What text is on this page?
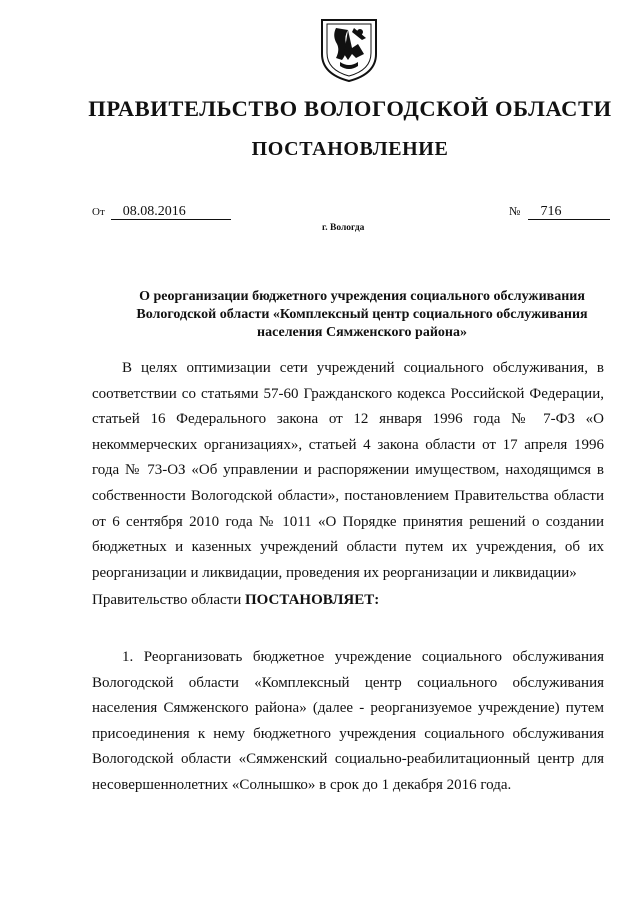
ПРАВИТЕЛЬСТВО ВОЛОГОДСКОЙ ОБЛАСТИ
ПОСТАНОВЛЕНИЕ
От 08.08.2016	№ 716
г. Вологда
О реорганизации бюджетного учреждения социального обслуживания Вологодской области «Комплексный центр социального обслуживания населения Сямженского района»

В целях оптимизации сети учреждений социального обслуживания, в соответствии со статьями 57-60 Гражданского кодекса Российской Федерации, статьей 16 Федерального закона от 12 января 1996 года № 7-ФЗ «О некоммерческих организациях», статьей 4 закона области от 17 апреля 1996 года № 73-ОЗ «Об управлении и распоряжении имуществом, находящимся в собственности Вологодской области», постановлением Правительства области от 6 сентября 2010 года № 1011 «О Порядке принятия решений о создании бюджетных и казенных учреждений области путем их учреждения, об их реорганизации и ликвидации, проведения их реорганизации и ликвидации»

Правительство области ПОСТАНОВЛЯЕТ:

1. Реорганизовать бюджетное учреждение социального обслуживания Вологодской области «Комплексный центр социального обслуживания населения Сямженского района» (далее - реорганизуемое учреждение) путем присоединения к нему бюджетного учреждения социального обслуживания Вологодской области «Сямженский социально-реабилитационный центр для несовершеннолетних «Солнышко» в срок до 1 декабря 2016 года.
